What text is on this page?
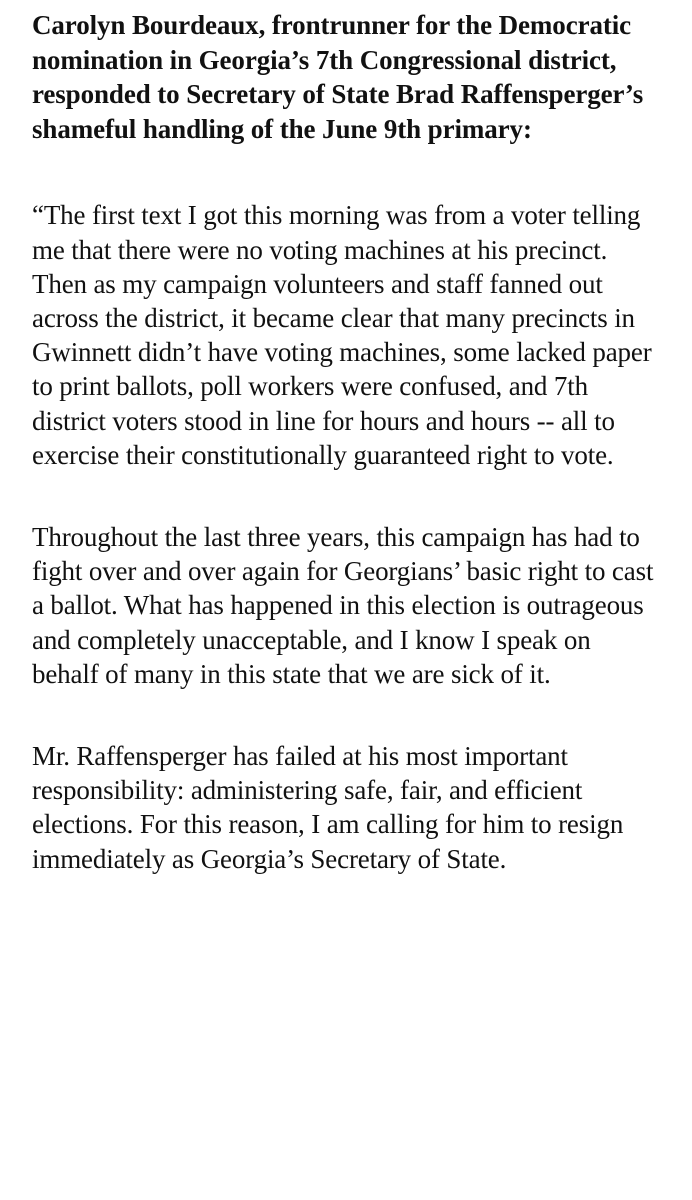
Carolyn Bourdeaux, frontrunner for the Democratic nomination in Georgia’s 7th Congressional district, responded to Secretary of State Brad Raffensperger’s shameful handling of the June 9th primary:

“The first text I got this morning was from a voter telling me that there were no voting machines at his precinct. Then as my campaign volunteers and staff fanned out across the district, it became clear that many precincts in Gwinnett didn’t have voting machines, some lacked paper to print ballots, poll workers were confused, and 7th district voters stood in line for hours and hours -- all to exercise their constitutionally guaranteed right to vote.

Throughout the last three years, this campaign has had to fight over and over again for Georgians’ basic right to cast a ballot. What has happened in this election is outrageous and completely unacceptable, and I know I speak on behalf of many in this state that we are sick of it.

Mr. Raffensperger has failed at his most important responsibility: administering safe, fair, and efficient elections. For this reason, I am calling for him to resign immediately as Georgia’s Secretary of State.
